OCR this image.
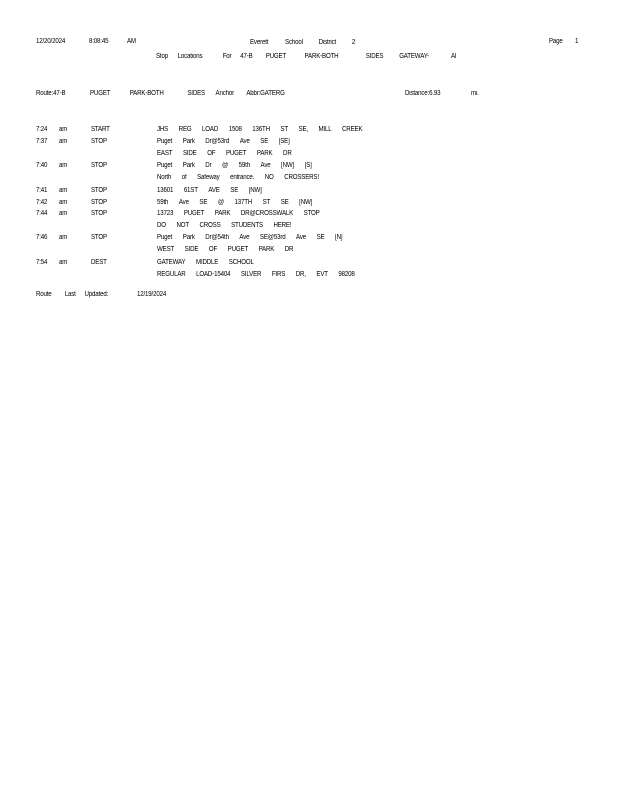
12/20/2024	8:08:45	AM	Everett School District 2	Page 1
Stop Locations	For 47-B PUGET	PARK-BOTH	SIDES GATEWAY-	AI
Route:47-B	PUGET	PARK-BOTH	SIDES Anchor Abbr:GATERG	Distance:6.93	mi.
7:24 am	START	JHS REG LOAD 1508 136TH ST SE, MILL CREEK
7:37 am	STOP	Puget Park Dr@53rd Ave SE [SE]
EAST SIDE OF PUGET PARK DR
7:40 am	STOP	Puget Park Dr @ 59th Ave [NW] [S]
North of Safeway entrance. NO CROSSERS!
7:41 am	STOP	13601 61ST AVE SE [NW]
7:42 am	STOP	59th Ave SE @ 137TH ST SE [NW]
7:44 am	STOP	13723 PUGET PARK DR@CROSSWALK STOP
DO NOT CROSS STUDENTS HERE!
7:46 am	STOP	Puget Park Dr@54th Ave SE@53rd Ave SE [N]
WEST SIDE OF PUGET PARK DR
7:54 am	DEST	GATEWAY MIDDLE SCHOOL
REGULAR LOAD-15404 SILVER FIRS DR, EVT 98208
Route Last Updated:	12/19/2024
